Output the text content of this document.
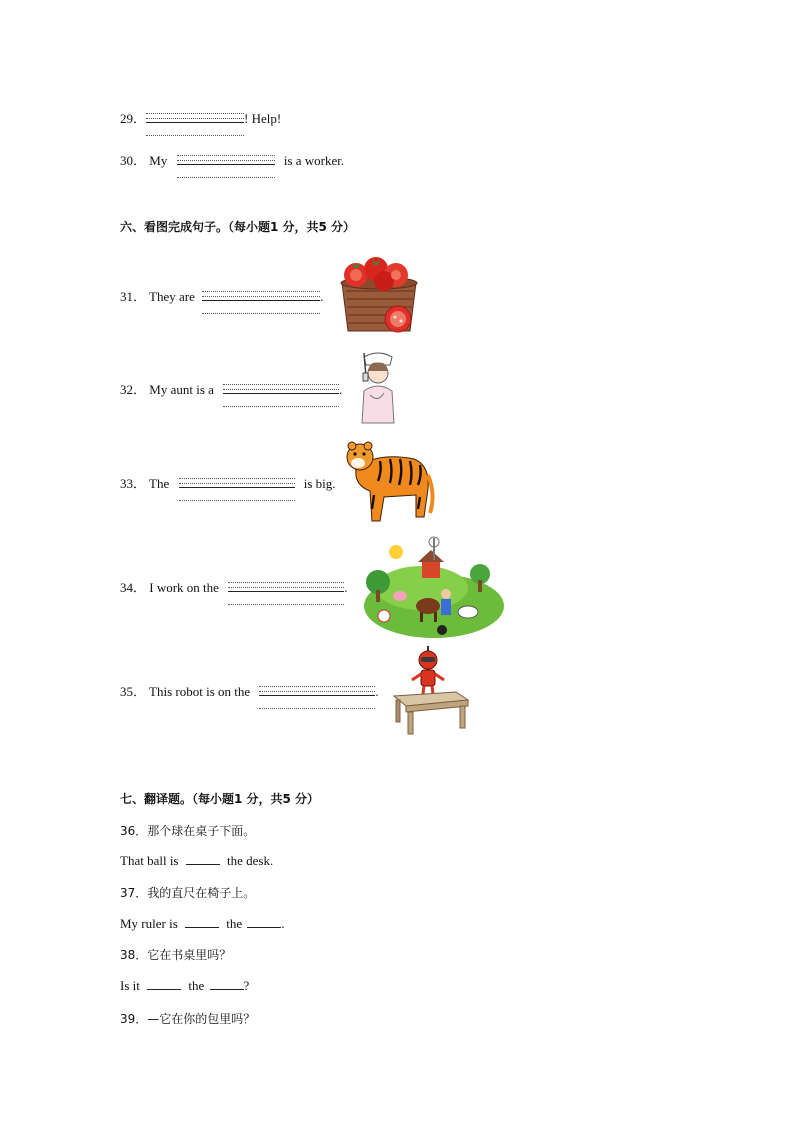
29．	! Help!
30． My	is a worker.
六、看图完成句子。（每小题1 分，共5 分）
31． They are	.
32． My aunt is a	.
33． The	is big.
34． I work on the	.
35． This robot is on the	.
七、翻译题。（每小题1 分，共5 分）
36．那个球在桌子下面。
That ball is	the desk.
37．我的直尺在椅子上。
My ruler is	the	.
38．它在书桌里吗？
Is it	the	?
39．—它在你的包里吗？
